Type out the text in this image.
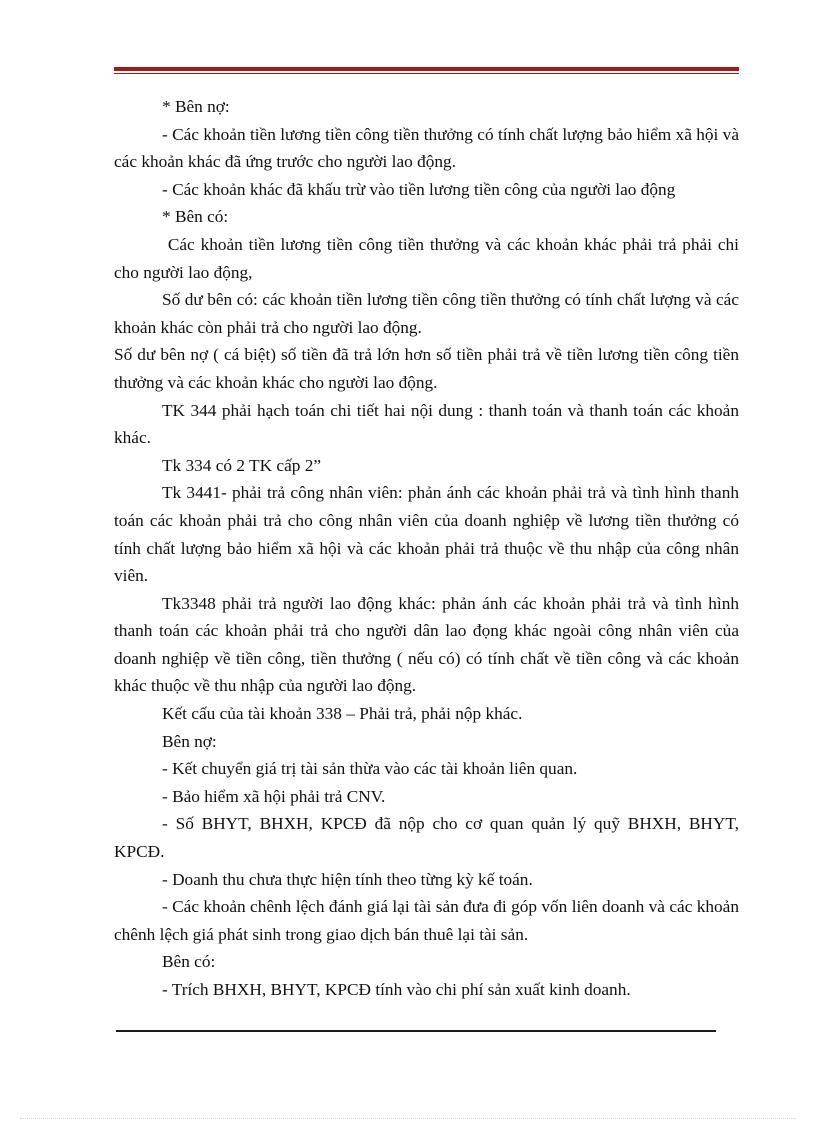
* Bên nợ:

- Các khoản tiền lương tiền công tiền thưởng có tính chất lượng bảo hiểm xã hội và các khoản khác đã ứng trước cho người lao động.

- Các khoản khác đã khấu trừ vào tiền lương tiền công của người lao động

* Bên có:

Các khoản tiền lương tiền công tiền thưởng và các khoản khác phải trả phải chi cho người lao động,

Số dư bên có: các khoản tiền lương tiền công tiền thưởng có tính chất lượng và các khoản khác còn phải trả cho người lao động.

Số dư bên nợ ( cá biệt) số tiền đã trả lớn hơn số tiền phải trả về tiền lương tiền công tiền thưởng và các khoản khác cho người lao động.

TK 344 phải hạch toán chi tiết hai nội dung : thanh toán và thanh toán các khoản khác.

Tk 334 có 2 TK cấp 2”

Tk 3441- phải trả công nhân viên: phản ánh các khoản phải trả và tình hình thanh toán các khoản phải trả cho công nhân viên của doanh nghiệp về lương tiền thưởng có tính chất lượng bảo hiểm xã hội và các khoản phải trả thuộc về thu nhập của công nhân viên.

Tk3348 phải trả người lao động khác: phản ánh các khoản phải trả và tình hình thanh toán các khoản phải trả cho người dân lao đọng khác ngoài công nhân viên của doanh nghiệp về tiền công, tiền thưởng ( nếu có) có tính chất về tiền công và các khoản khác thuộc về thu nhập của người lao động.

Kết cấu của tài khoản 338 – Phải trả, phải nộp khác.

Bên nợ:

- Kết chuyển giá trị tài sản thừa vào các tài khoản liên quan.

- Bảo hiểm xã hội phải trả CNV.

- Số BHYT, BHXH, KPCĐ đã nộp cho cơ quan quản lý quỹ BHXH, BHYT, KPCĐ.

- Doanh thu chưa thực hiện tính theo từng kỳ kế toán.

- Các khoản chênh lệch đánh giá lại tài sản đưa đi góp vốn liên doanh và các khoản chênh lệch giá phát sinh trong giao dịch bán thuê lại tài sản.

Bên có:

- Trích BHXH, BHYT, KPCĐ tính vào chi phí sản xuất kinh doanh.
